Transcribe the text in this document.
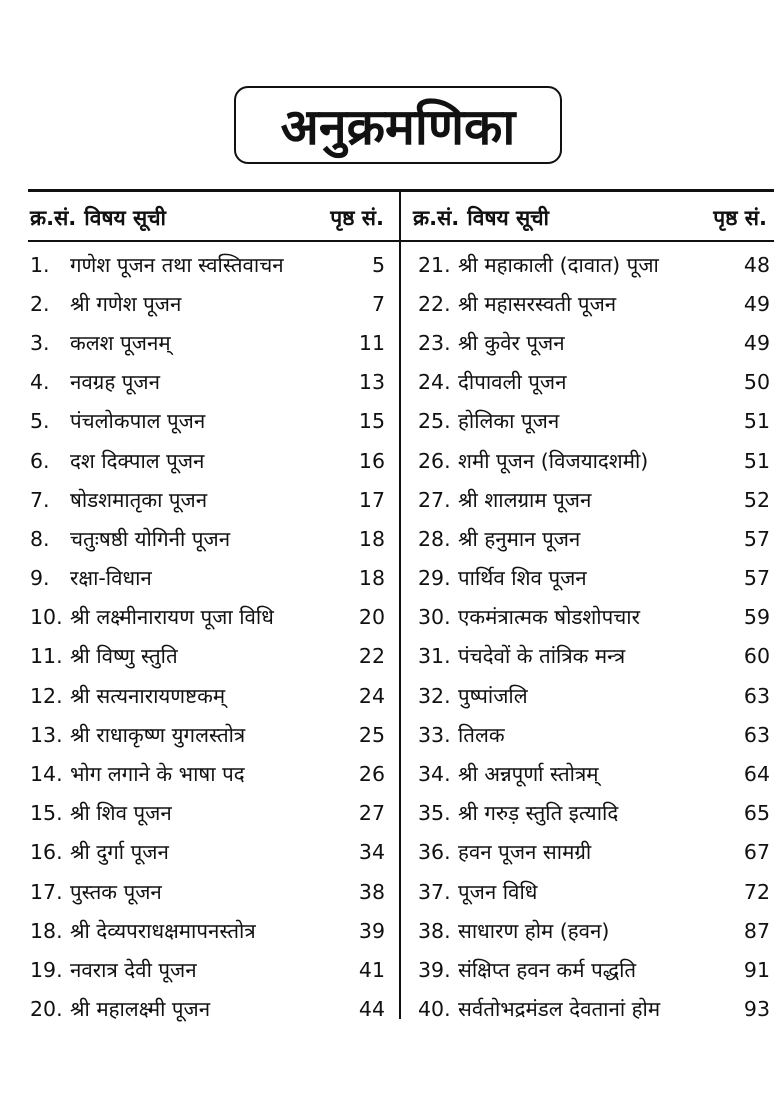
अनुक्रमणिका
क्र.सं. विषय सूची	पृष्ठ सं. क्र.सं. विषय सूची	पृष्ठ सं.
1. गणेश पूजन तथा स्वस्तिवाचन	5
2. श्री गणेश पूजन	7
3. कलश पूजनम्	11
4. नवग्रह पूजन	13
5. पंचलोकपाल पूजन	15
6. दश दिक्पाल पूजन	16
7. षोडशमातृका पूजन	17
8. चतुःषष्ठी योगिनी पूजन	18
9. रक्षा-विधान	18
10. श्री लक्ष्मीनारायण पूजा विधि	20
11. श्री विष्णु स्तुति	22
12. श्री सत्यनारायणष्टकम्	24
13. श्री राधाकृष्ण युगलस्तोत्र	25
14. भोग लगाने के भाषा पद	26
15. श्री शिव पूजन	27
16. श्री दुर्गा पूजन	34
17. पुस्तक पूजन	38
18. श्री देव्यपराधक्षमापनस्तोत्र	39
19. नवरात्र देवी पूजन	41
20. श्री महालक्ष्मी पूजन	44
21. श्री महाकाली (दावात) पूजा	48
22. श्री महासरस्वती पूजन	49
23. श्री कुवेर पूजन	49
24. दीपावली पूजन	50
25. होलिका पूजन	51
26. शमी पूजन (विजयादशमी)	51
27. श्री शालग्राम पूजन	52
28. श्री हनुमान पूजन	57
29. पार्थिव शिव पूजन	57
30. एकमंत्रात्मक षोडशोपचार	59
31. पंचदेवों के तांत्रिक मन्त्र	60
32. पुष्पांजलि	63
33. तिलक	63
34. श्री अन्नपूर्णा स्तोत्रम्	64
35. श्री गरुड़ स्तुति इत्यादि	65
36. हवन पूजन सामग्री	67
37. पूजन विधि	72
38. साधारण होम (हवन)	87
39. संक्षिप्त हवन कर्म पद्धति	91
40. सर्वतोभद्रमंडल देवतानां होम	93
